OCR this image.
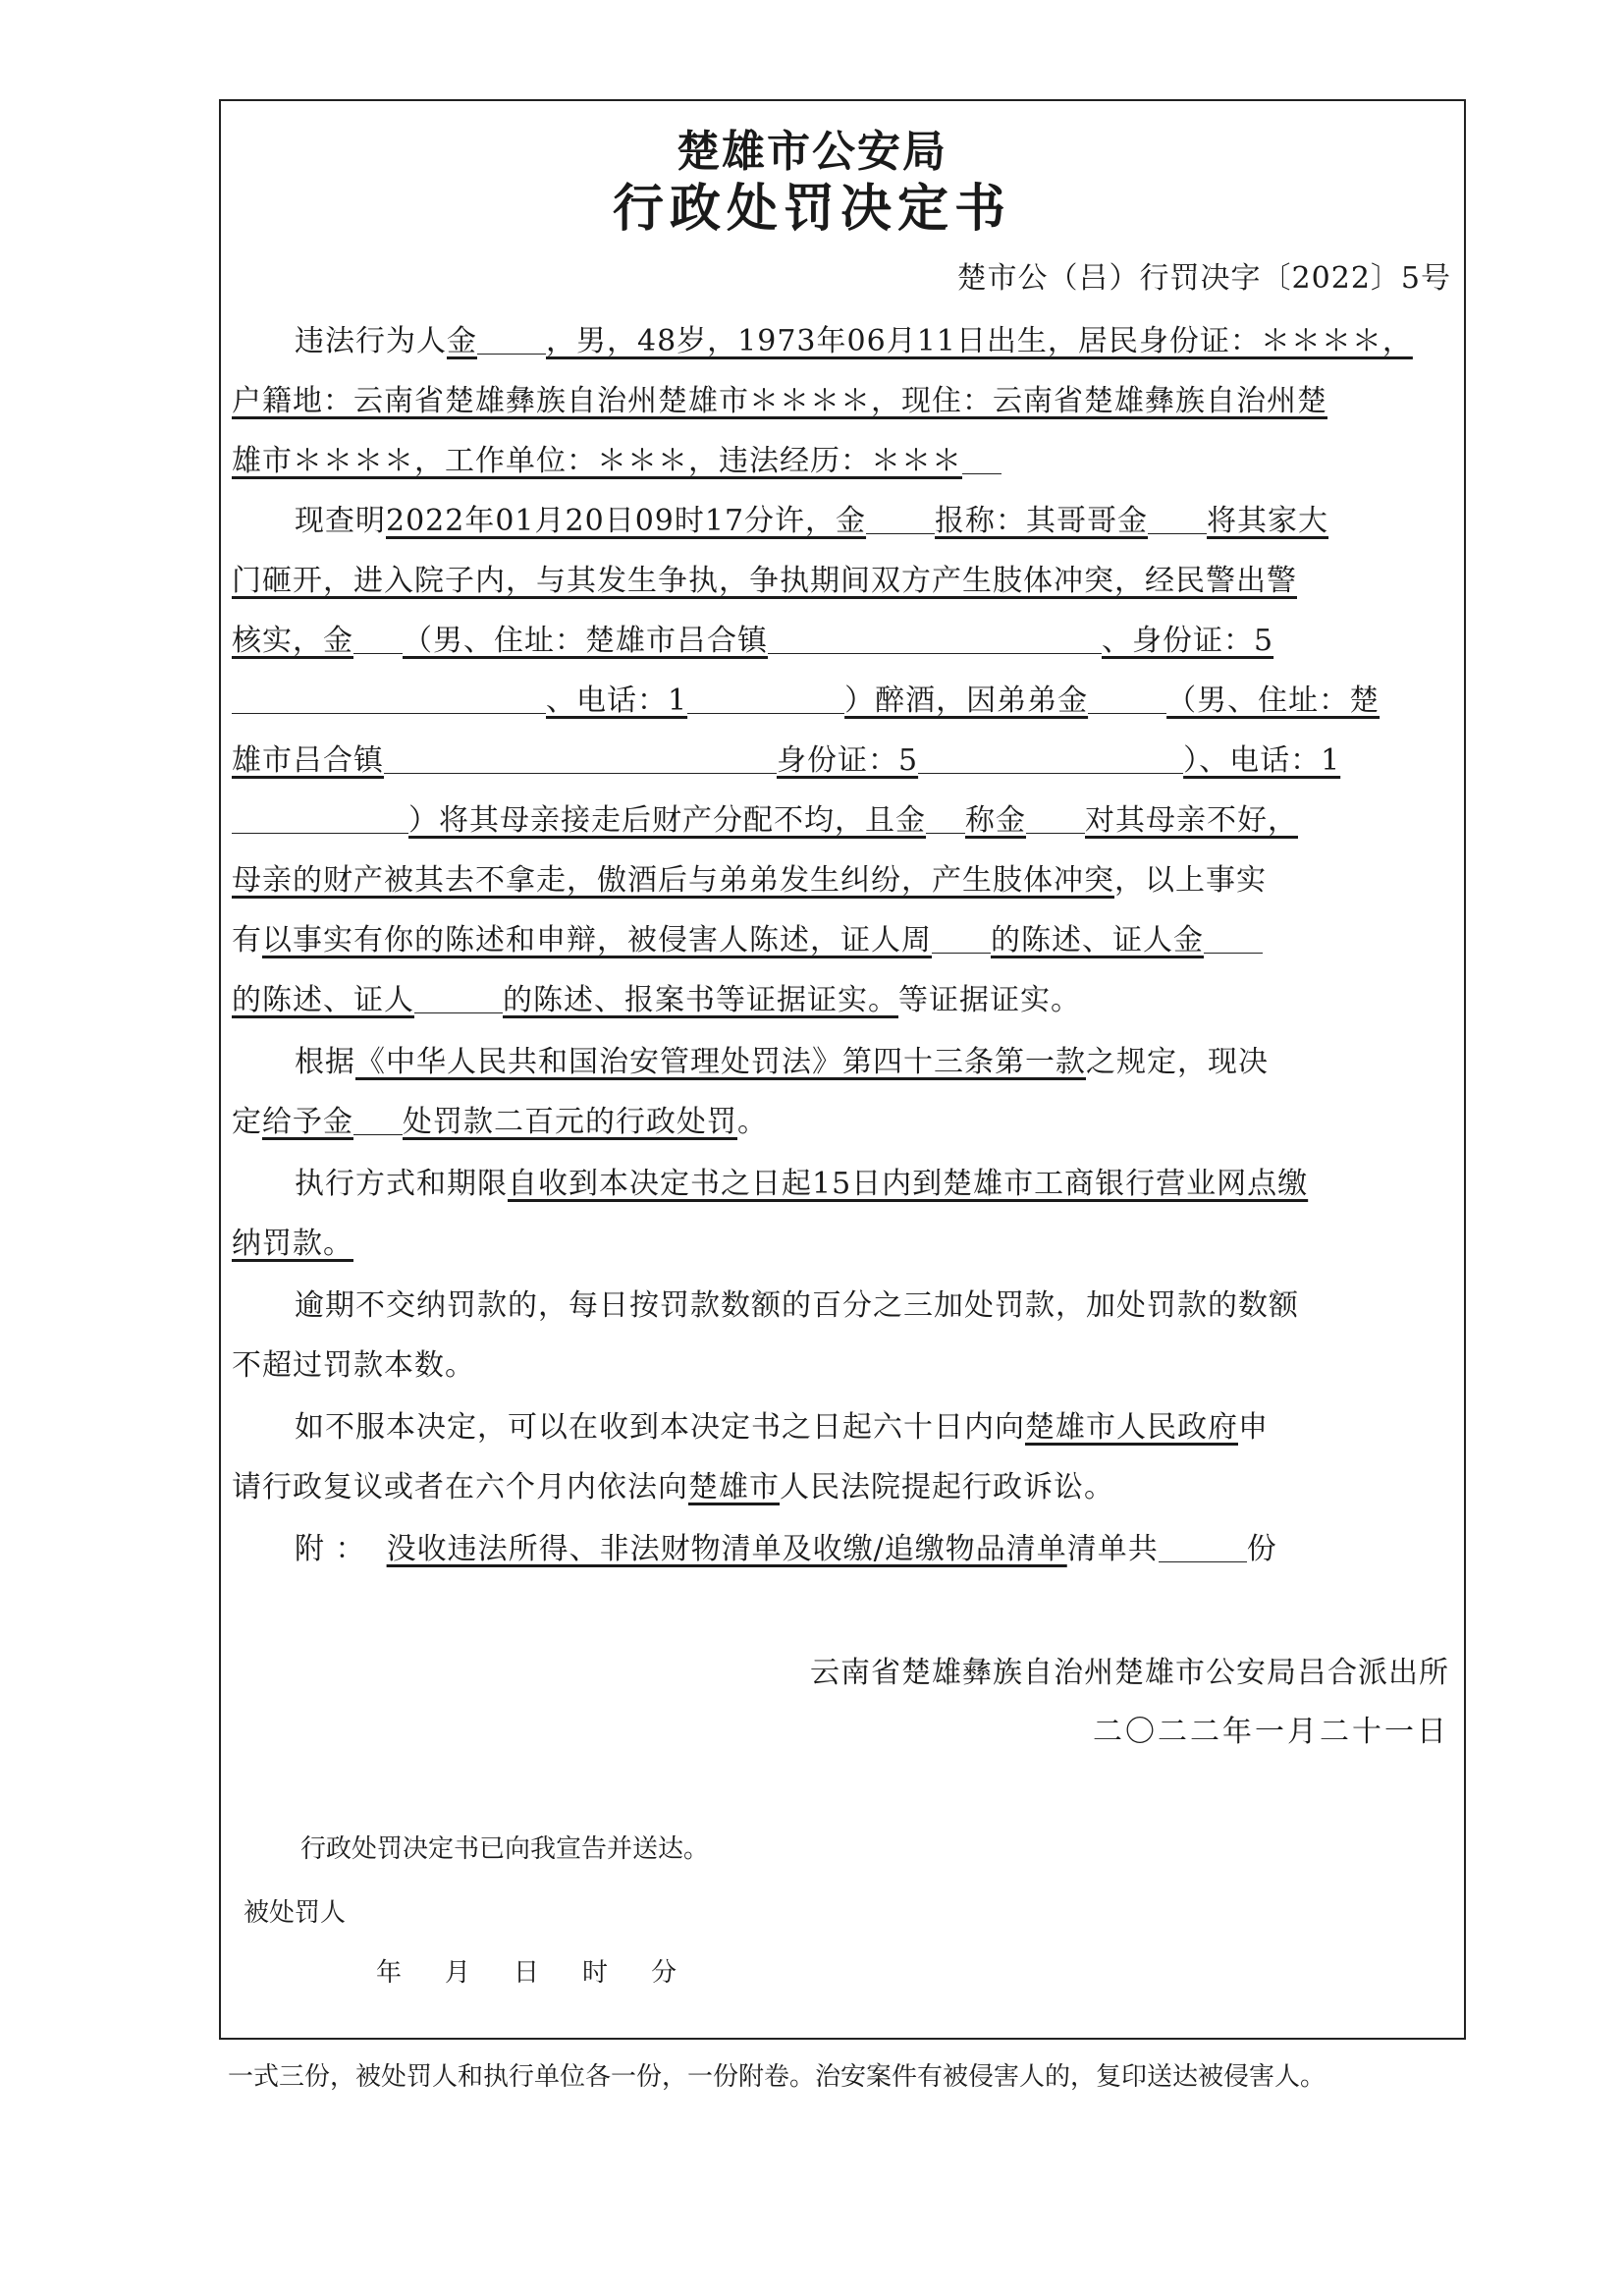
楚雄市公安局
行政处罚决定书
楚市公（吕）行罚决字〔2022〕5号
违法行为人金 ，男，48岁，1973年06月11日出生，居民身份证：＊＊＊＊，
户籍地：云南省楚雄彝族自治州楚雄市＊＊＊＊，现住：云南省楚雄彝族自治州楚
雄市＊＊＊＊，工作单位：＊＊＊，违法经历：＊＊＊
现查明2022年01月20日09时17分许，金 报称：其哥哥金 将其家大
门砸开，进入院子内，与其发生争执，争执期间双方产生肢体冲突，经民警出警
核实，金 （男、住址：楚雄市吕合镇	、身份证：5
、电话：1	）醉酒，因弟弟金	（男、住址：楚
雄市吕合镇	身份证：5	）、电话：1
）将其母亲接走后财产分配不均，且金 称金 对其母亲不好，
母亲的财产被其去不拿走，傲酒后与弟弟发生纠纷，产生肢体冲突，以上事实
有以事实有你的陈述和申辩，被侵害人陈述，证人周 的陈述、证人金
的陈述、证人	的陈述、报案书等证据证实。等证据证实。
根据《中华人民共和国治安管理处罚法》第四十三条第一款之规定，现决
定给予金 处罚款二百元的行政处罚。
执行方式和期限自收到本决定书之日起15日内到楚雄市工商银行营业网点缴
纳罚款。
逾期不交纳罚款的，每日按罚款数额的百分之三加处罚款，加处罚款的数额
不超过罚款本数。
如不服本决定，可以在收到本决定书之日起六十日内向楚雄市人民政府申
请行政复议或者在六个月内依法向楚雄市人民法院提起行政诉讼。
附 ： 没收违法所得、非法财物清单及收缴/追缴物品清单清单共	份
云南省楚雄彝族自治州楚雄市公安局吕合派出所
二〇二二年一月二十一日
行政处罚决定书已向我宣告并送达。
被处罚人
年 月 日 时 分
一式三份，被处罚人和执行单位各一份，一份附卷。治安案件有被侵害人的，复印送达被侵害人。
